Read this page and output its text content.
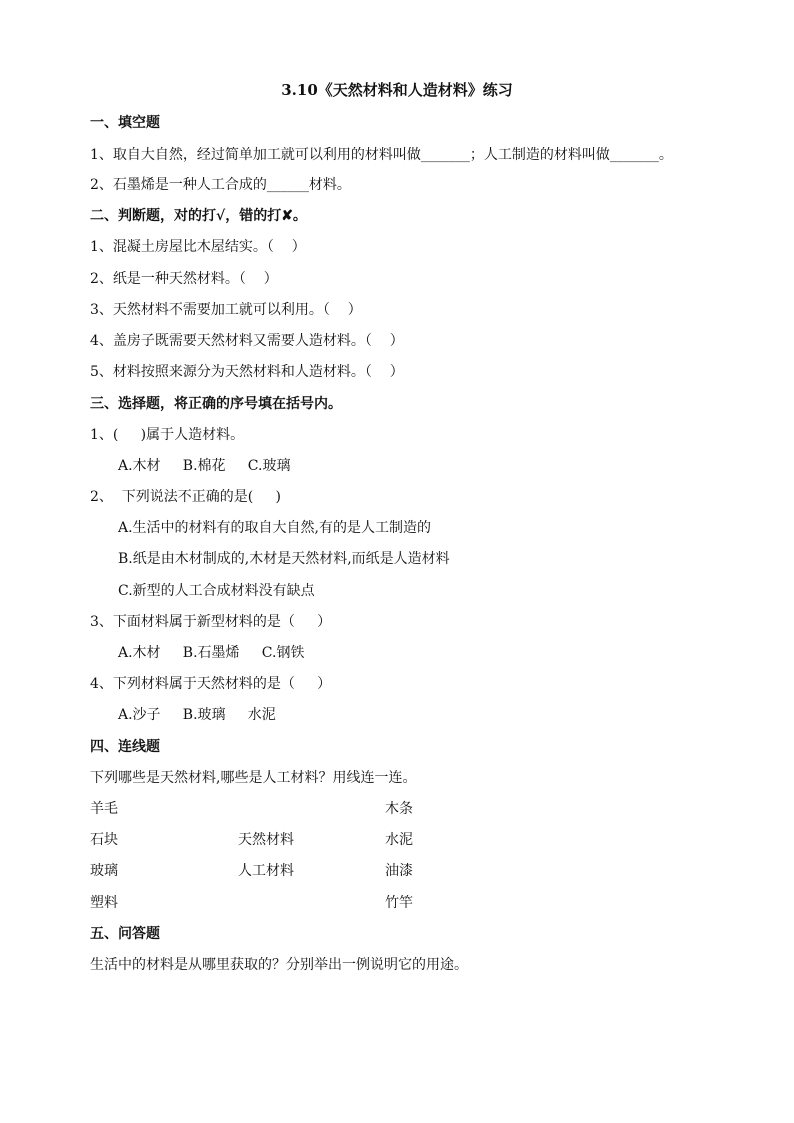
3.10《天然材料和人造材料》练习
一、填空题
1、取自大自然，经过简单加工就可以利用的材料叫做_______；人工制造的材料叫做_______。
2、石墨烯是一种人工合成的______材料。
二、判断题，对的打√，错的打✘。
1、混凝土房屋比木屋结实。（    ）
2、纸是一种天然材料。（    ）
3、天然材料不需要加工就可以利用。（    ）
4、盖房子既需要天然材料又需要人造材料。（    ）
5、材料按照来源分为天然材料和人造材料。（    ）
三、选择题，将正确的序号填在括号内。
1、(     )属于人造材料。
A.木材     B.棉花     C.玻璃
2、  下列说法不正确的是(     )
A.生活中的材料有的取自大自然,有的是人工制造的
B.纸是由木材制成的,木材是天然材料,而纸是人造材料
C.新型的人工合成材料没有缺点
3、下面材料属于新型材料的是（     ）
A.木材     B.石墨烯     C.钢铁
4、下列材料属于天然材料的是（     ）
A.沙子     B.玻璃     水泥
四、连线题
下列哪些是天然材料,哪些是人工材料？用线连一连。
羊毛
石块
玻璃
塑料
天然材料
人工材料
木条
水泥
油漆
竹竿
五、问答题
生活中的材料是从哪里获取的？分别举出一例说明它的用途。
